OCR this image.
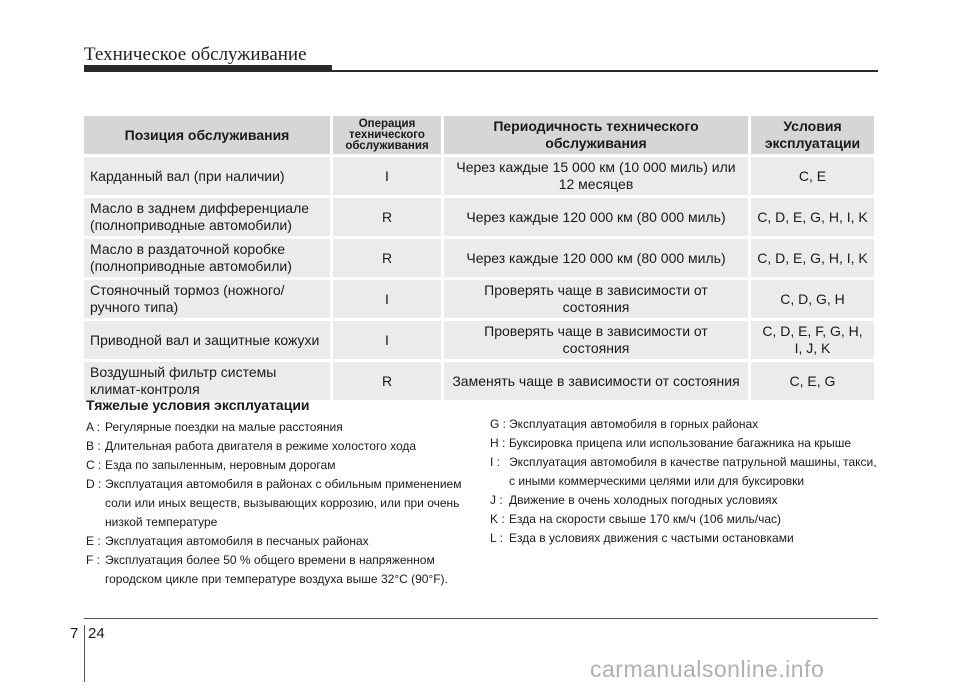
Техническое обслуживание
Позиция обслуживания	Операция технического обслуживания	Периодичность технического обслуживания	Условия эксплуатации
Карданный вал (при наличии)	I	Через каждые 15 000 км (10 000 миль) или 12 месяцев	C, E
Масло в заднем дифференциале (полноприводные автомобили)	R	Через каждые 120 000 км (80 000 миль)	C, D, E, G, H, I, K
Масло в раздаточной коробке (полноприводные автомобили)	R	Через каждые 120 000 км (80 000 миль)	C, D, E, G, H, I, K
Стояночный тормоз (ножного/ручного типа)	I	Проверять чаще в зависимости от состояния	C, D, G, H
Приводной вал и защитные кожухи	I	Проверять чаще в зависимости от состояния	C, D, E, F, G, H, I, J, K
Воздушный фильтр системы климат-контроля	R	Заменять чаще в зависимости от состояния	C, E, G
Тяжелые условия эксплуатации
A : Регулярные поездки на малые расстояния
B : Длительная работа двигателя в режиме холостого хода
C : Езда по запыленным, неровным дорогам
D : Эксплуатация автомобиля в районах с обильным применением соли или иных веществ, вызывающих коррозию, или при очень низкой температуре
E : Эксплуатация автомобиля в песчаных районах
F : Эксплуатация более 50 % общего времени в напряженном городском цикле при температуре воздуха выше 32°C (90°F).
G : Эксплуатация автомобиля в горных районах
H : Буксировка прицепа или использование багажника на крыше
I : Эксплуатация автомобиля в качестве патрульной машины, такси, с иными коммерческими целями или для буксировки
J : Движение в очень холодных погодных условиях
K : Езда на скорости свыше 170 км/ч (106 миль/час)
L : Езда в условиях движения с частыми остановками
7 24
carmanualsonline.info
